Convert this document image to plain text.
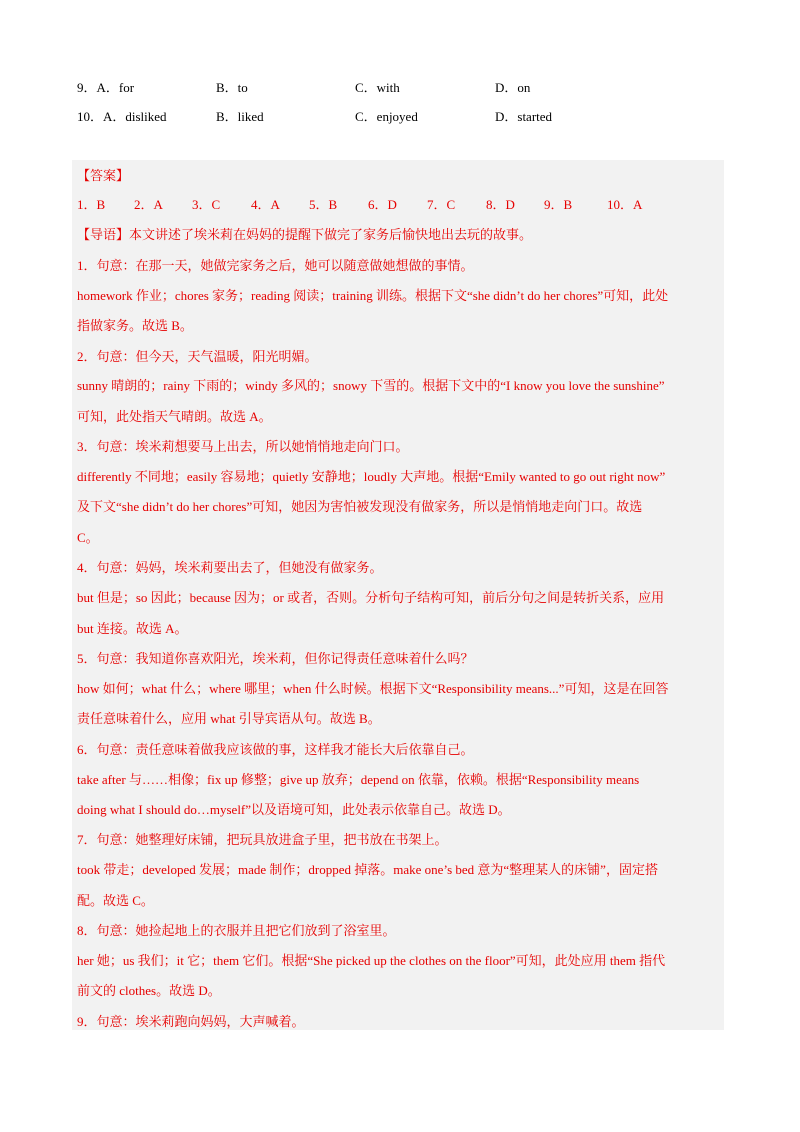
9．A．for	B．to	C．with	D．on
10．A．disliked	B．liked	C．enjoyed	D．started
【答案】
1．B 2．A 3．C 4．A 5．B 6．D 7．C 8．D 9．B	10．A
【导语】本文讲述了埃米莉在妈妈的提醒下做完了家务后愉快地出去玩的故事。
1．句意：在那一天，她做完家务之后，她可以随意做她想做的事情。
homework 作业；chores 家务；reading 阅读；training 训练。根据下文“she didn’t do her chores”可知，此处
指做家务。故选 B。
2．句意：但今天，天气温暖，阳光明媚。
sunny 晴朗的；rainy 下雨的；windy 多风的；snowy 下雪的。根据下文中的“I know you love the sunshine”
可知，此处指天气晴朗。故选 A。
3．句意：埃米莉想要马上出去，所以她悄悄地走向门口。
differently 不同地；easily 容易地；quietly 安静地；loudly 大声地。根据“Emily wanted to go out right now”
及下文“she didn’t do her chores”可知，她因为害怕被发现没有做家务，所以是悄悄地走向门口。故选
C。
4．句意：妈妈，埃米莉要出去了，但她没有做家务。
but 但是；so 因此；because 因为；or 或者，否则。分析句子结构可知，前后分句之间是转折关系，应用
but 连接。故选 A。
5．句意：我知道你喜欢阳光，埃米莉，但你记得责任意味着什么吗？
how 如何；what 什么；where 哪里；when 什么时候。根据下文“Responsibility means...”可知，这是在回答
责任意味着什么，应用 what 引导宾语从句。故选 B。
6．句意：责任意味着做我应该做的事，这样我才能长大后依靠自己。
take after 与……相像；fix up 修整；give up 放弃；depend on 依靠，依赖。根据“Responsibility means
doing what I should do…myself”以及语境可知，此处表示依靠自己。故选 D。
7．句意：她整理好床铺，把玩具放进盒子里，把书放在书架上。
took 带走；developed 发展；made 制作；dropped 掉落。make one’s bed 意为“整理某人的床铺”，固定搭
配。故选 C。
8．句意：她捡起地上的衣服并且把它们放到了浴室里。
her 她；us 我们；it 它；them 它们。根据“She picked up the clothes on the floor”可知，此处应用 them 指代
前文的 clothes。故选 D。
9．句意：埃米莉跑向妈妈，大声喊着。
